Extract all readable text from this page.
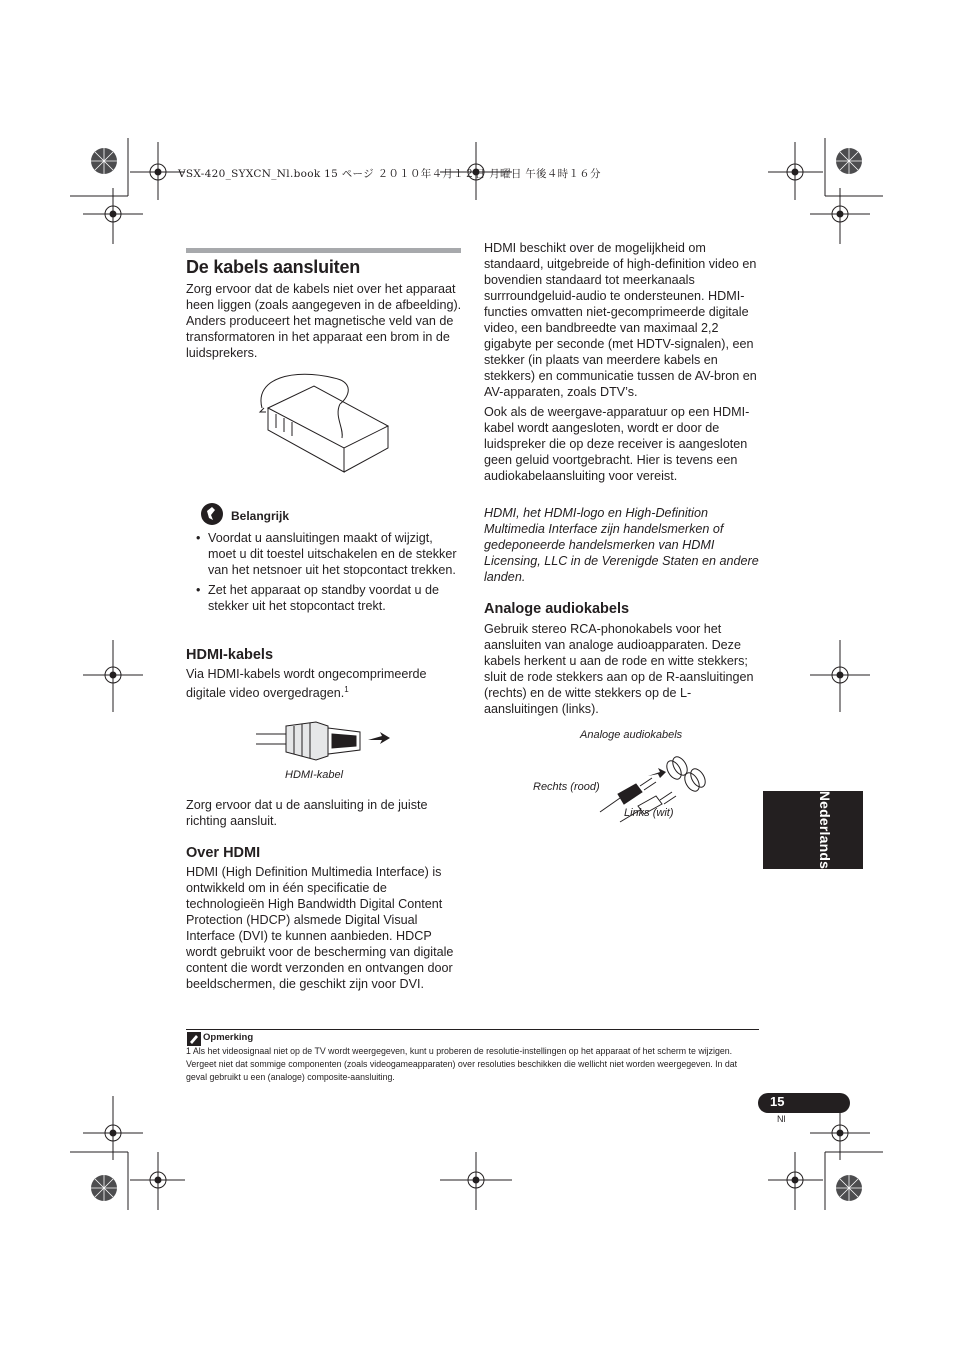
VSX-420_SYXCN_Nl.book 15 ページ ２０１０年４月１２日 月曜日 午後４時１６分
De kabels aansluiten

Zorg ervoor dat de kabels niet over het apparaat heen liggen (zoals aangegeven in de afbeelding). Anders produceert het magnetische veld van de transformatoren in het apparaat een brom in de luidsprekers.

Belangrijk
• Voordat u aansluitingen maakt of wijzigt, moet u dit toestel uitschakelen en de stekker van het netsnoer uit het stopcontact trekken.
• Zet het apparaat op standby voordat u de stekker uit het stopcontact trekt.
HDMI-kabels

Via HDMI-kabels wordt ongecomprimeerde digitale video overgedragen.$^1$

HDMI-kabel

Zorg ervoor dat u de aansluiting in de juiste richting aansluit.

Over HDMI

HDMI (High Definition Multimedia Interface) is ontwikkeld om in één specificatie de technologieën High Bandwidth Digital Content Protection (HDCP) alsmede Digital Visual Interface (DVI) te kunnen aanbieden. HDCP wordt gebruikt voor de bescherming van digitale content die wordt verzonden en ontvangen door beeldschermen, die geschikt zijn voor DVI.

HDMI beschikt over de mogelijkheid om standaard, uitgebreide of high-definition video en bovendien standaard tot meerkanaals surrroundgeluid-audio te ondersteunen. HDMI-functies omvatten niet-gecomprimeerde digitale video, een bandbreedte van maximaal 2,2 gigabyte per seconde (met HDTV-signalen), een stekker (in plaats van meerdere kabels en stekkers) en communicatie tussen de AV-bron en AV-apparaten, zoals DTV’s.

Ook als de weergave-apparatuur op een HDMI-kabel wordt aangesloten, wordt er door de luidspreker die op deze receiver is aangesloten geen geluid voortgebracht. Hier is tevens een audiokabelaansluiting voor vereist.

HDMI, het HDMI-logo en High-Definition Multimedia Interface zijn handelsmerken of gedeponeerde handelsmerken van HDMI Licensing, LLC in de Verenigde Staten en andere landen.

Analoge audiokabels

Gebruik stereo RCA-phonokabels voor het aansluiten van analoge audioapparaten. Deze kabels herkent u aan de rode en witte stekkers; sluit de rode stekkers aan op de R-aansluitingen (rechts) en de witte stekkers op de L-aansluitingen (links).

Analoge audiokabels
Rechts (rood)
Links (wit)	Nederlands
Opmerking
1 Als het videosignaal niet op de TV wordt weergegeven, kunt u proberen de resolutie-instellingen op het apparaat of het scherm te wijzigen. Vergeet niet dat sommige componenten (zoals videogameapparaten) over resoluties beschikken die wellicht niet worden weergegeven. In dat geval gebruikt u een (analoge) composite-aansluiting.
15
Nl
